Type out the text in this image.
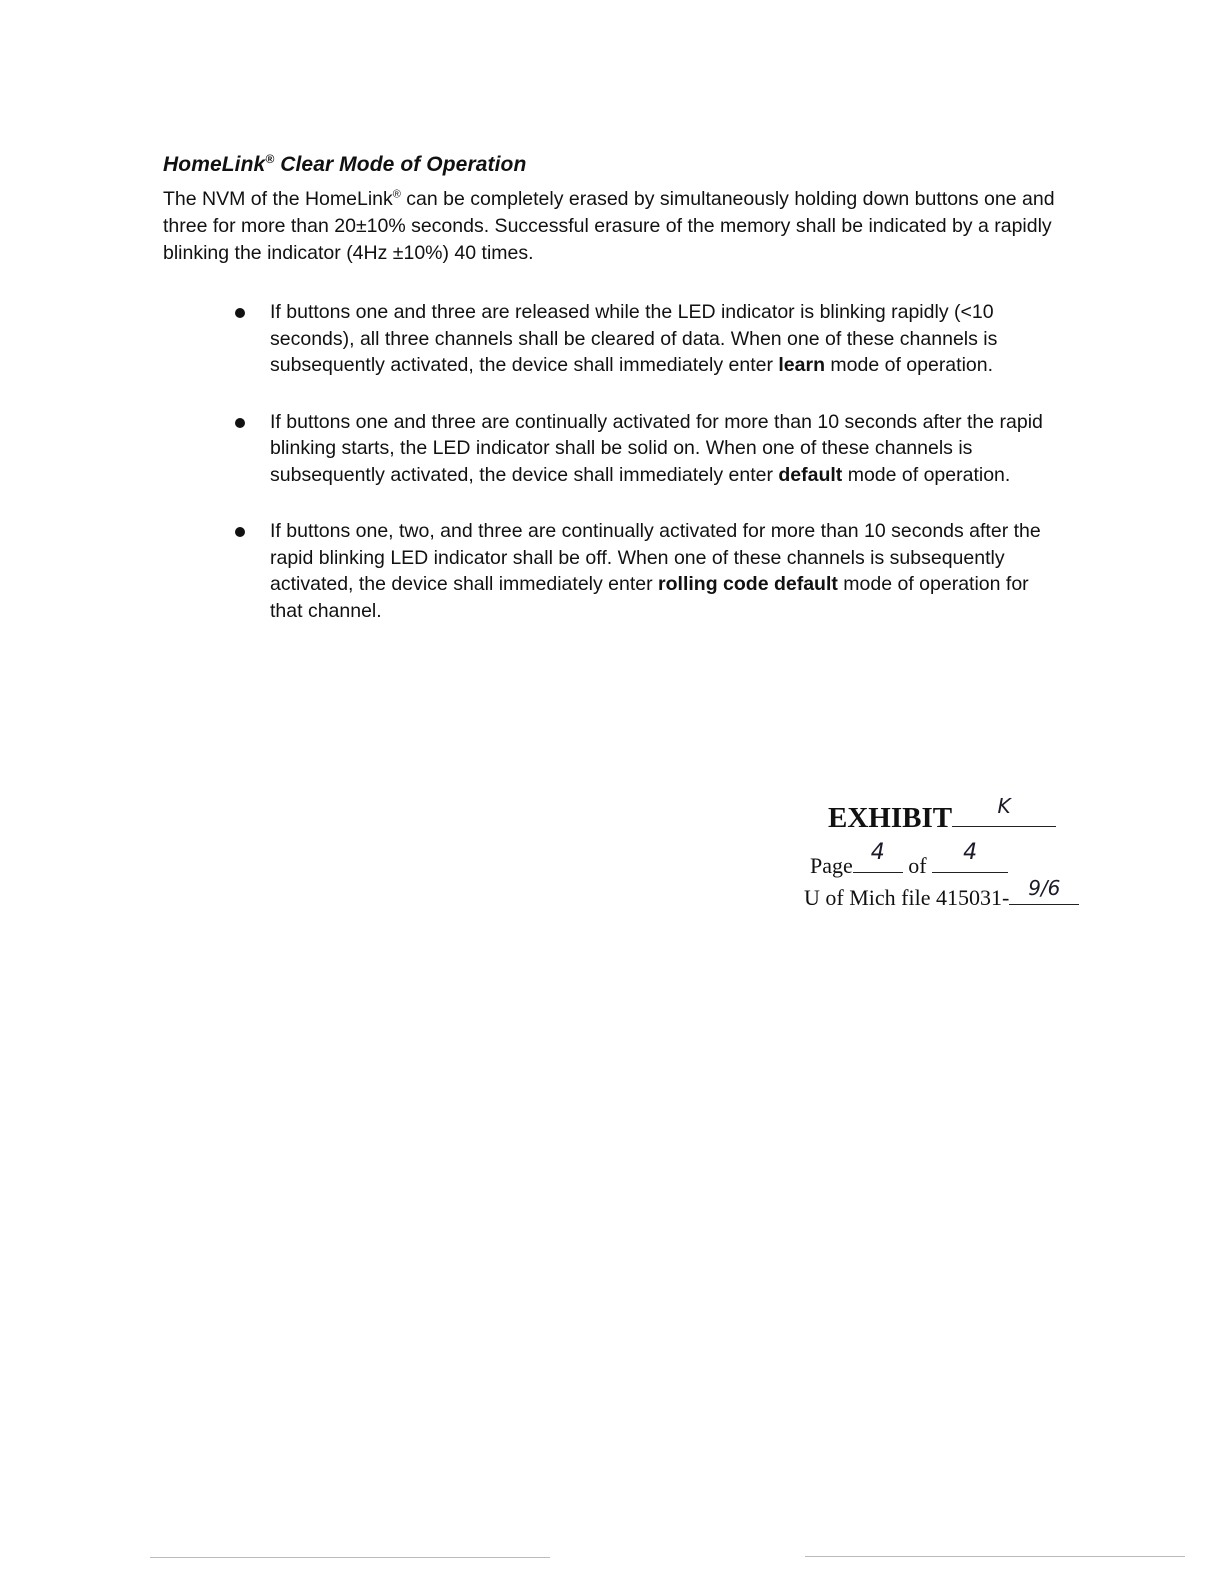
HomeLink® Clear Mode of Operation
The NVM of the HomeLink® can be completely erased by simultaneously holding down buttons one and three for more than 20±10% seconds. Successful erasure of the memory shall be indicated by a rapidly blinking the indicator (4Hz ±10%) 40 times.
If buttons one and three are released while the LED indicator is blinking rapidly (<10 seconds), all three channels shall be cleared of data. When one of these channels is subsequently activated, the device shall immediately enter learn mode of operation.
If buttons one and three are continually activated for more than 10 seconds after the rapid blinking starts, the LED indicator shall be solid on. When one of these channels is subsequently activated, the device shall immediately enter default mode of operation.
If buttons one, two, and three are continually activated for more than 10 seconds after the rapid blinking LED indicator shall be off. When one of these channels is subsequently activated, the device shall immediately enter rolling code default mode of operation for that channel.
EXHIBIT	K
Page
4
of
4
U of Mich file 415031- 9/6
